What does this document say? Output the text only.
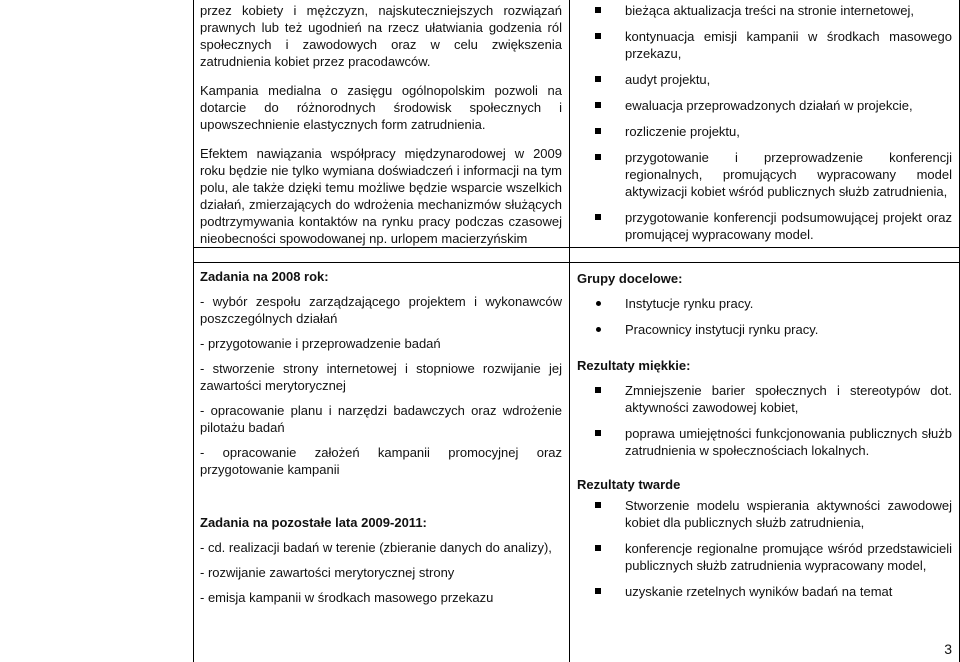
przez kobiety i mężczyzn, najskuteczniejszych rozwiązań prawnych lub też ugodnień na rzecz ułatwiania godzenia ról społecznych i zawodowych oraz w celu zwiększenia zatrudnienia kobiet przez pracodawców.

Kampania medialna o zasięgu ogólnopolskim pozwoli na dotarcie do różnorodnych środowisk społecznych i upowszechnienie elastycznych form zatrudnienia.

Efektem nawiązania współpracy międzynarodowej w 2009 roku będzie nie tylko wymiana doświadczeń i informacji na tym polu, ale także dzięki temu możliwe będzie wsparcie wszelkich działań, zmierzających do wdrożenia mechanizmów służących podtrzymywania kontaktów na rynku pracy podczas czasowej nieobecności spowodowanej np. urlopem macierzyńskim

bieżąca aktualizacja treści na stronie internetowej,
kontynuacja emisji kampanii w środkach masowego przekazu,
audyt projektu,
ewaluacja przeprowadzonych działań w projekcie,
rozliczenie projektu,
przygotowanie i przeprowadzenie konferencji regionalnych, promujących wypracowany model aktywizacji kobiet wśród publicznych służb zatrudnienia,
przygotowanie konferencji podsumowującej projekt oraz promującej wypracowany model.

Zadania na 2008 rok:

- wybór zespołu zarządzającego projektem i wykonawców poszczególnych działań

- przygotowanie i przeprowadzenie badań

- stworzenie strony internetowej i stopniowe rozwijanie jej zawartości merytorycznej

- opracowanie planu i narzędzi badawczych oraz wdrożenie pilotażu badań

- opracowanie założeń kampanii promocyjnej oraz przygotowanie kampanii

Zadania na pozostałe lata 2009-2011:

- cd. realizacji badań w terenie (zbieranie danych do analizy),

- rozwijanie zawartości merytorycznej strony

- emisja kampanii w środkach masowego przekazu

Grupy docelowe:

Instytucje rynku pracy.
Pracownicy instytucji rynku pracy.

Rezultaty miękkie:

Zmniejszenie barier społecznych i stereotypów dot. aktywności zawodowej kobiet,
poprawa umiejętności funkcjonowania publicznych służb zatrudnienia w społecznościach lokalnych.

Rezultaty twarde

Stworzenie modelu wspierania aktywności zawodowej kobiet dla publicznych służb zatrudnienia,
konferencje regionalne promujące wśród przedstawicieli publicznych służb zatrudnienia wypracowany model,
uzyskanie rzetelnych wyników badań na temat
3
